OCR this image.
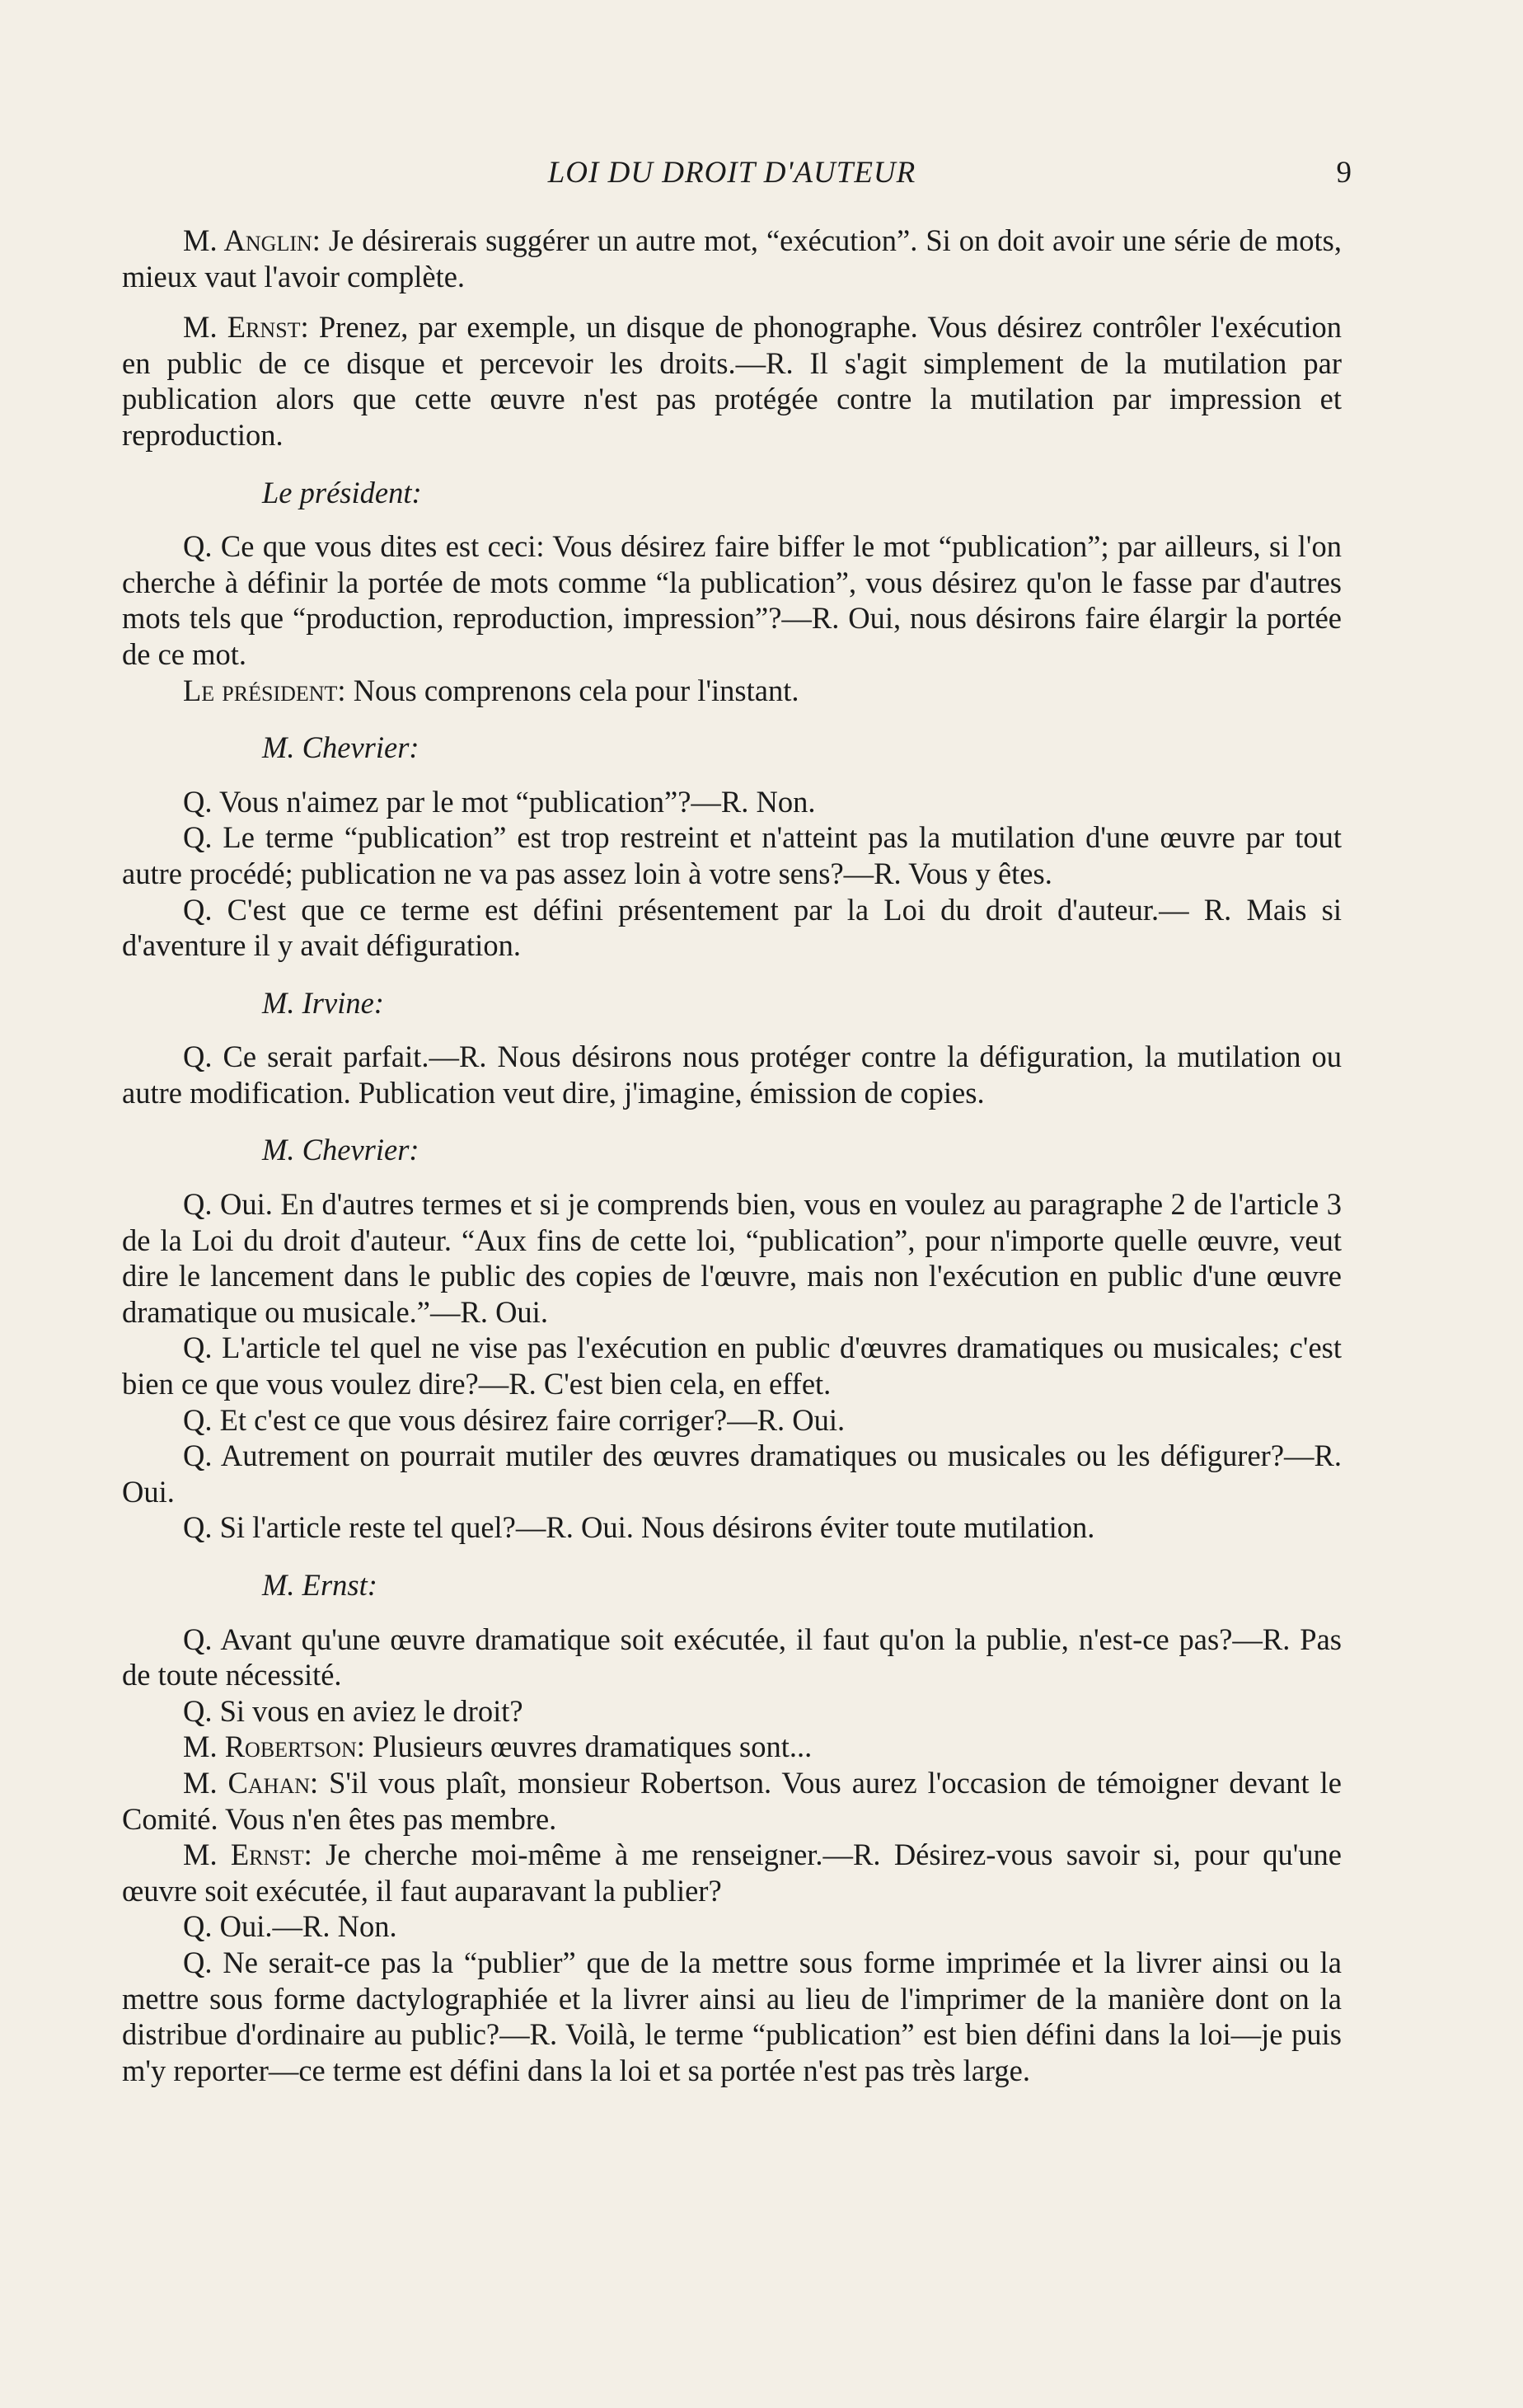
LOI DU DROIT D'AUTEUR	9

M. Anglin: Je désirerais suggérer un autre mot, “exécution”. Si on doit avoir une série de mots, mieux vaut l'avoir complète.

M. Ernst: Prenez, par exemple, un disque de phonographe. Vous désirez contrôler l'exécution en public de ce disque et percevoir les droits.—R. Il s'agit simplement de la mutilation par publication alors que cette œuvre n'est pas protégée contre la mutilation par impression et reproduction.

Le président:

Q. Ce que vous dites est ceci: Vous désirez faire biffer le mot “publication”; par ailleurs, si l'on cherche à définir la portée de mots comme “la publication”, vous désirez qu'on le fasse par d'autres mots tels que “production, reproduction, impression”?—R. Oui, nous désirons faire élargir la portée de ce mot.

Le président: Nous comprenons cela pour l'instant.

M. Chevrier:

Q. Vous n'aimez par le mot “publication”?—R. Non.

Q. Le terme “publication” est trop restreint et n'atteint pas la mutilation d'une œuvre par tout autre procédé; publication ne va pas assez loin à votre sens?—R. Vous y êtes.

Q. C'est que ce terme est défini présentement par la Loi du droit d'auteur.— R. Mais si d'aventure il y avait défiguration.

M. Irvine:

Q. Ce serait parfait.—R. Nous désirons nous protéger contre la défiguration, la mutilation ou autre modification. Publication veut dire, j'imagine, émission de copies.

M. Chevrier:

Q. Oui. En d'autres termes et si je comprends bien, vous en voulez au paragraphe 2 de l'article 3 de la Loi du droit d'auteur. “Aux fins de cette loi, “publication”, pour n'importe quelle œuvre, veut dire le lancement dans le public des copies de l'œuvre, mais non l'exécution en public d'une œuvre dramatique ou musicale.”—R. Oui.

Q. L'article tel quel ne vise pas l'exécution en public d'œuvres dramatiques ou musicales; c'est bien ce que vous voulez dire?—R. C'est bien cela, en effet.

Q. Et c'est ce que vous désirez faire corriger?—R. Oui.

Q. Autrement on pourrait mutiler des œuvres dramatiques ou musicales ou les défigurer?—R. Oui.

Q. Si l'article reste tel quel?—R. Oui. Nous désirons éviter toute mutilation.

M. Ernst:

Q. Avant qu'une œuvre dramatique soit exécutée, il faut qu'on la publie, n'est-ce pas?—R. Pas de toute nécessité.

Q. Si vous en aviez le droit?

M. Robertson: Plusieurs œuvres dramatiques sont...

M. Cahan: S'il vous plaît, monsieur Robertson. Vous aurez l'occasion de témoigner devant le Comité. Vous n'en êtes pas membre.

M. Ernst: Je cherche moi-même à me renseigner.—R. Désirez-vous savoir si, pour qu'une œuvre soit exécutée, il faut auparavant la publier?

Q. Oui.—R. Non.

Q. Ne serait-ce pas la “publier” que de la mettre sous forme imprimée et la livrer ainsi ou la mettre sous forme dactylographiée et la livrer ainsi au lieu de l'imprimer de la manière dont on la distribue d'ordinaire au public?—R. Voilà, le terme “publication” est bien défini dans la loi—je puis m'y reporter—ce terme est défini dans la loi et sa portée n'est pas très large.
